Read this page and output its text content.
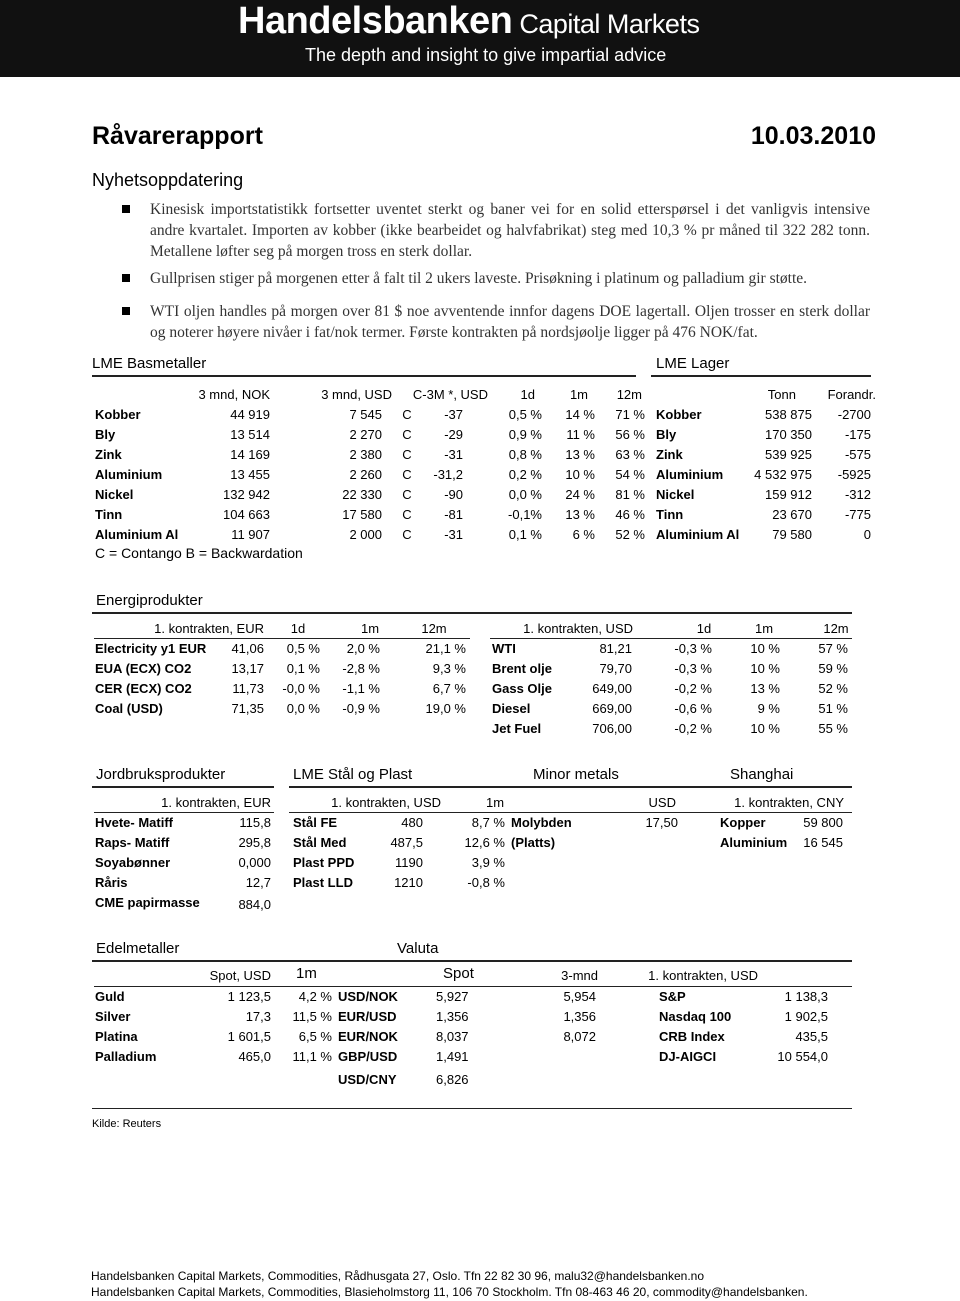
Handelsbanken Capital Markets
The depth and insight to give impartial advice
Råvarerapport	10.03.2010
Nyhetsoppdatering
Kinesisk importstatistikk fortsetter uventet sterkt og baner vei for en solid etterspørsel i det vanligvis intensive andre kvartalet. Importen av kobber (ikke bearbeidet og halvfabrikat) steg med 10,3 % pr måned til 322 282 tonn. Metallene løfter seg på morgen tross en sterk dollar.
Gullprisen stiger på morgenen etter å falt til 2 ukers laveste. Prisøkning i platinum og palladium gir støtte.
WTI oljen handles på morgen over 81 $ noe avventende innfor dagens DOE lagertall. Oljen trosser en sterk dollar og noterer høyere nivåer i fat/nok termer. Første kontrakten på nordsjøolje ligger på 476 NOK/fat.
LME Basmetaller	LME Lager
3 mnd, NOK	3 mnd, USD	C-3M *, USD	1d	1m	12m
Kobber	44 919	7 545 C	-37	0,5 %	14 %	71 %
Bly	13 514	2 270 C	-29	0,9 %	11 %	56 %
Zink	14 169	2 380 C	-31	0,8 %	13 %	63 %
Aluminium	13 455	2 260 C	-31,2	0,2 %	10 %	54 %
Nickel	132 942	22 330 C	-90	0,0 %	24 %	81 %
Tinn	104 663	17 580 C	-81	-0,1%	13 %	46 %
Aluminium Al	11 907	2 000 C	-31	0,1 %	6 %	52 %
Tonn	Forandr.
Kobber	538 875	-2700
Bly	170 350	-175
Zink	539 925	-575
Aluminium	4 532 975	-5925
Nickel	159 912	-312
Tinn	23 670	-775
Aluminium Al	79 580	0
C = Contango B = Backwardation
Energiprodukter
1. kontrakten, EUR	1d	1m	12m	1. kontrakten, USD	1d	1m	12m
Electricity y1 EUR	41,06	0,5 %	2,0 %	21,1 %
EUA (ECX) CO2	13,17	0,1 %	-2,8 %	9,3 %
CER (ECX) CO2	11,73	-0,0 %	-1,1 %	6,7 %
Coal (USD)	71,35	0,0 %	-0,9 %	19,0 %
WTI	81,21	-0,3 %	10 %	57 %
Brent olje	79,70	-0,3 %	10 %	59 %
Gass Olje	649,00	-0,2 %	13 %	52 %
Diesel	669,00	-0,6 %	9 %	51 %
Jet Fuel	706,00	-0,2 %	10 %	55 %
Jordbruksprodukter	LME Stål og Plast	Minor metals	Shanghai
1. kontrakten, EUR	1. kontrakten, USD	1m	USD	1. kontrakten, CNY
Hvete- Matiff	115,8
Raps- Matiff	295,8
Soyabønner	0,000
Råris	12,7
CME papirmasse	884,0
Stål FE	480	8,7 %
Stål Med	487,5	12,6 %
Plast PPD	1190	3,9 %
Plast LLD	1210	-0,8 %
Molybden	17,50
(Platts)
Kopper	59 800
Aluminium	16 545
Edelmetaller	Valuta
Spot, USD 1m	Spot	3-mnd	1. kontrakten, USD
Guld	1 123,5	4,2 %
Silver	17,3	11,5 %
Platina	1 601,5	6,5 %
Palladium	465,0	11,1 %
USD/NOK	5,927	5,954
EUR/USD	1,356	1,356
EUR/NOK	8,037	8,072
GBP/USD	1,491
USD/CNY	6,826
S&P	1 138,3
Nasdaq 100	1 902,5
CRB Index	435,5
DJ-AIGCI	10 554,0
Kilde: Reuters
Handelsbanken Capital Markets, Commodities, Rådhusgata 27, Oslo. Tfn 22 82 30 96, malu32@handelsbanken.no
Handelsbanken Capital Markets, Commodities, Blasieholmstorg 11, 106 70 Stockholm. Tfn 08-463 46 20, commodity@handelsbanken.
